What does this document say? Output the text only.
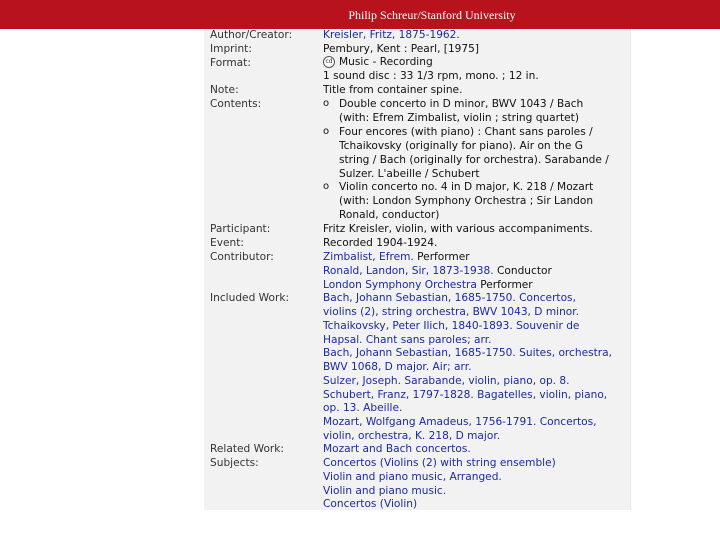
Philip Schreur/Stanford University
Author/Creator:	Kreisler, Fritz, 1875-1962.
Imprint:	Pembury, Kent : Pearl, [1975]
Format:	cd Music - Recording
1 sound disc : 33 1/3 rpm, mono. ; 12 in.
Note:	Title from container spine.
Contents:	o Double concerto in D minor, BWV 1043 / Bach
(with: Efrem Zimbalist, violin ; string quartet)
o Four encores (with piano) : Chant sans paroles /
Tchaikovsky (originally for piano). Air on the G
string / Bach (originally for orchestra). Sarabande /
Sulzer. L'abeille / Schubert
o Violin concerto no. 4 in D major, K. 218 / Mozart
(with: London Symphony Orchestra ; Sir Landon
Ronald, conductor)
Participant:	Fritz Kreisler, violin, with various accompaniments.
Event:	Recorded 1904-1924.
Contributor:	Zimbalist, Efrem. Performer
Ronald, Landon, Sir, 1873-1938. Conductor
London Symphony Orchestra Performer
Included Work:	Bach, Johann Sebastian, 1685-1750. Concertos,
violins (2), string orchestra, BWV 1043, D minor.
Tchaikovsky, Peter Ilich, 1840-1893. Souvenir de
Hapsal. Chant sans paroles; arr.
Bach, Johann Sebastian, 1685-1750. Suites, orchestra,
BWV 1068, D major. Air; arr.
Sulzer, Joseph. Sarabande, violin, piano, op. 8.
Schubert, Franz, 1797-1828. Bagatelles, violin, piano,
op. 13. Abeille.
Mozart, Wolfgang Amadeus, 1756-1791. Concertos,
violin, orchestra, K. 218, D major.
Related Work:	Mozart and Bach concertos.
Subjects:	Concertos (Violins (2) with string ensemble)
Violin and piano music, Arranged.
Violin and piano music.
Concertos (Violin)
